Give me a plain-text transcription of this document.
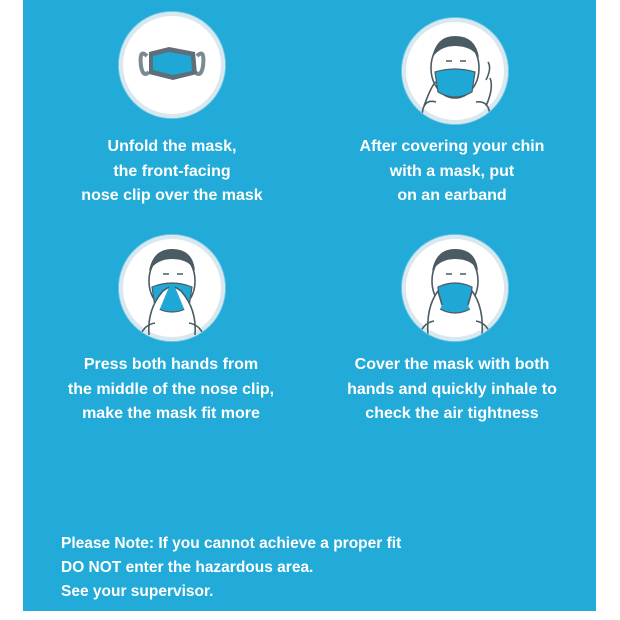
Unfold the mask,
the front-facing
nose clip over the mask
After covering your chin
with a mask, put
on an earband
Press both hands from
the middle of the nose clip,
make the mask fit more
Cover the mask with both
hands and quickly inhale to
check the air tightness
Please Note: If you cannot achieve a proper fit
DO NOT enter the hazardous area.
See your supervisor.
